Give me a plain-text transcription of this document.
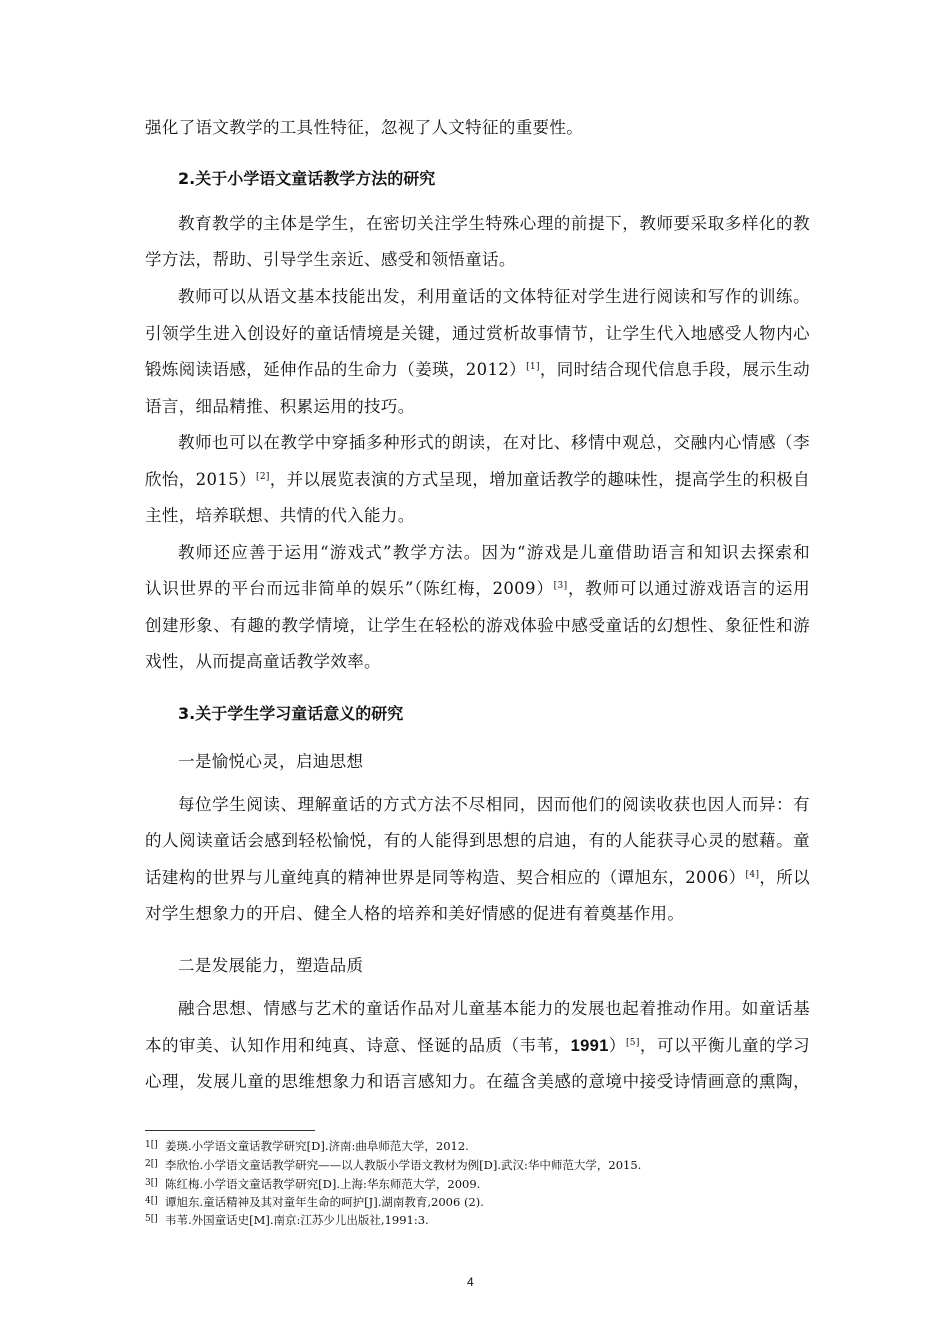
强化了语文教学的工具性特征，忽视了人文特征的重要性。
2.关于小学语文童话教学方法的研究
教育教学的主体是学生，在密切关注学生特殊心理的前提下，教师要采取多样化的教
学方法，帮助、引导学生亲近、感受和领悟童话。
教师可以从语文基本技能出发，利用童话的文体特征对学生进行阅读和写作的训练。
引领学生进入创设好的童话情境是关键，通过赏析故事情节，让学生代入地感受人物内心
锻炼阅读语感，延伸作品的生命力（姜瑛，2012）[1]，同时结合现代信息手段，展示生动
语言，细品精推、积累运用的技巧。
教师也可以在教学中穿插多种形式的朗读，在对比、移情中观总，交融内心情感（李
欣怡，2015）[2]，并以展览表演的方式呈现，增加童话教学的趣味性，提高学生的积极自
主性，培养联想、共情的代入能力。
教师还应善于运用“游戏式”教学方法。因为“游戏是儿童借助语言和知识去探索和
认识世界的平台而远非简单的娱乐”（陈红梅，2009）[3]，教师可以通过游戏语言的运用
创建形象、有趣的教学情境，让学生在轻松的游戏体验中感受童话的幻想性、象征性和游
戏性，从而提高童话教学效率。
3.关于学生学习童话意义的研究
一是愉悦心灵，启迪思想
每位学生阅读、理解童话的方式方法不尽相同，因而他们的阅读收获也因人而异：有
的人阅读童话会感到轻松愉悦，有的人能得到思想的启迪，有的人能获寻心灵的慰藉。童
话建构的世界与儿童纯真的精神世界是同等构造、契合相应的（谭旭东，2006）[4]，所以
对学生想象力的开启、健全人格的培养和美好情感的促进有着奠基作用。
二是发展能力，塑造品质
融合思想、情感与艺术的童话作品对儿童基本能力的发展也起着推动作用。如童话基
本的审美、认知作用和纯真、诗意、怪诞的品质（韦苇，1991）[5]，可以平衡儿童的学习
心理，发展儿童的思维想象力和语言感知力。在蕴含美感的意境中接受诗情画意的熏陶，
1[] 姜瑛.小学语文童话教学研究[D].济南:曲阜师范大学，2012.
2[] 李欣怡.小学语文童话教学研究——以人教版小学语文教材为例[D].武汉:华中师范大学，2015.
3[] 陈红梅.小学语文童话教学研究[D].上海:华东师范大学，2009.
4[] 谭旭东.童话精神及其对童年生命的呵护[J].湖南教育,2006 (2).
5[] 韦苇.外国童话史[M].南京:江苏少儿出版社,1991:3.
4
